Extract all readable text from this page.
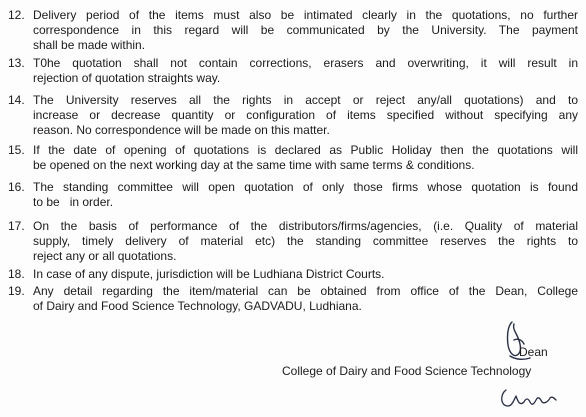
12. Delivery period of the items must also be intimated clearly in the quotations, no further
correspondence in this regard will be communicated by the University. The payment
shall be made within.
13. T0he quotation shall not contain corrections, erasers and overwriting, it will result in
rejection of quotation straights way.
14. The University reserves all the rights in accept or reject any/all quotations) and to
increase or decrease quantity or configuration of items specified without specifying any
reason. No correspondence will be made on this matter.
15. If the date of opening of quotations is declared as Public Holiday then the quotations will
be opened on the next working day at the same time with same terms & conditions.
16. The standing committee will open quotation of only those firms whose quotation is found
to be   in order.
17. On the basis of performance of the distributors/firms/agencies, (i.e. Quality of material
supply, timely delivery of material etc) the standing committee reserves the rights to
reject any or all quotations.
18. In case of any dispute, jurisdiction will be Ludhiana District Courts.
19. Any detail regarding the item/material can be obtained from office of the Dean, College
of Dairy and Food Science Technology, GADVADU, Ludhiana.
Dean
College of Dairy and Food Science Technology
